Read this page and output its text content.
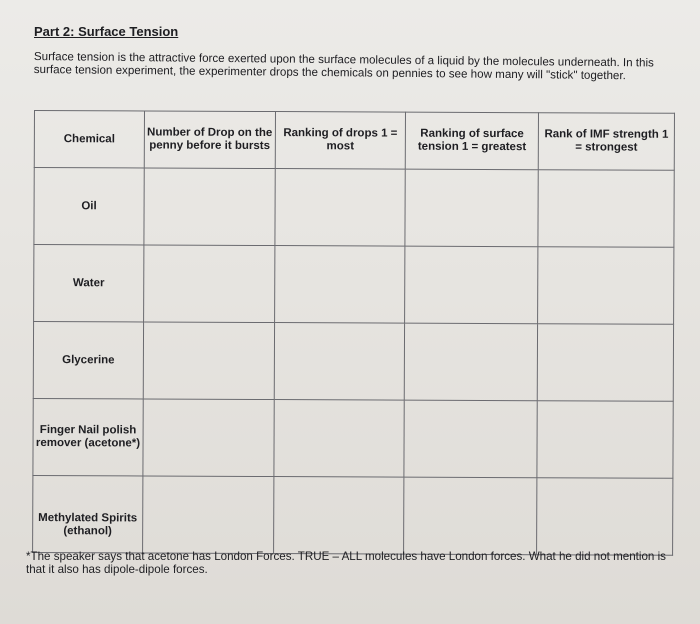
Part 2: Surface Tension
Surface tension is the attractive force exerted upon the surface molecules of a liquid by the molecules underneath. In this surface tension experiment, the experimenter drops the chemicals on pennies to see how many will "stick" together.
Chemical	Number of Drop on the penny before it bursts	Ranking of drops 1 = most	Ranking of surface tension 1 = greatest	Rank of IMF strength 1 = strongest
Oil				
Water				
Glycerine				
Finger Nail polish remover (acetone*)				
Methylated Spirits (ethanol)				
*The speaker says that acetone has London Forces. TRUE – ALL molecules have London forces. What he did not mention is that it also has dipole-dipole forces.
